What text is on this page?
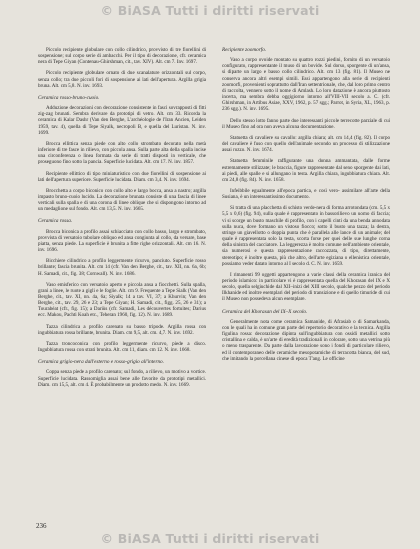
© BiASA Tutti i diritti riservati

Piccolo recipiente globulare con collo cilindrico, provvisto di tre fiorellini di sospensione; sul corpo serie di ambacchi. Per il tipo di decorazione, cfr. ceramica nera di Tepe Giyan (Contenau-Ghirshman, cit., tav. XIV). Alt. cm 7. Inv. 1697.

Piccolo recipiente globulare ornato di due scanalature orizzontali sul corpo, senza collo; tra due piccoli fori di sospensione ai lati dell'apertura. Argilla grigia bruna. Alt. cm 5,8. N. inv. 1693.

Ceramica rosso-bruno-cuoio.

Adduzione decorazioni con decorazione consistente in fasci sovrapposti di fitti zig-zag brunati. Sembra derivare da prototipi di vetro. Alt. cm 33. Ricorda la ceramica di Kalar Dashr (Van den Berghe, L'archéologie de l'Iran Ancien, Leiden 1959, tav. 4), quella di Tepe Siyalk, necropoli B, e quella del Luristan. N. inv. 1699.

Brocca ellittica senza piede con alto collo strombato decorato nella metà inferiore di tre fasce in rilievo, con piccola ansa. Sulla parte alta della spalla incise una circonferenza o linea formata da serie di tratti disposti in verticale, che proseguono fino sotto la pancia. Superficie lucidata. Alt. cm 17. N. inv. 1857.

Recipiente ellittico di tipo miniaturistico con due fiorellini di sospensione ai lati dell'apertura superiore. Superficie lucidata. Diam. cm 3,4. N. inv. 1694.

Brocchetta a corpo biconico con collo alto e largo bocca, ansa a nastro; argilla impasto bruno-cuoio lucido. La decorazione brunata consiste di una fascia di linee verticali sulla spalla e di una corona di linee oblique che si dispongono intorno ad un medaglione sul fondo. Alt. cm 13,5. N. inv. 1665.

Ceramica rossa.

Brocca biconica a profilo assai schiacciato con collo basso, largo e strombato, provvista di versatoio tubolare obliquo ed ansa congiunta al collo, da versare, base piatta, senza piede. La superficie è brunita a fitte righe orizzontali. Alt. cm 16. N. inv. 1696.

Bicchiere cilindrico a profilo leggermente ricurvo, panciuto. Superficie rosso brillante; fascia brunita. Alt. cm 14 (cfr. Van den Berghe, cit., tav. XII, nn. 6a, 6b; H. Samadi, cit., fig. 38; Cornwall). N. inv. 1686.

Vaso emisferico con versatoio aperto e piccola ansa a fiocchetti. Sulla spalla, grani a linee, le ruote a gigli e le foglie. Alt. cm 9. Frequente a Tepe Sialk (Van den Berghe, cit., tav. XI, nn. 4a, 6a; Siyalk; 14 a tav. VI, 37; a Khurvin; Van den Berghe, cit., tav. 29, 26 e 23; a Tepe Giyan; H. Samadi, cit., figg. 25, 26 e 31); a Tourabéat (cfr., fig. 15); a Dariùs (cfr. Samadi, Les découvertes fortuites; Darius ecc. Makou, Pachti Koah etc., Teheran 1960, fig. 12). N. inv. 1689.

Tazza cilindrica a profilo carenato su basso tripode. Argilla rossa con ingubbiatura rossa brillante, brunita. Diam. cm 9,5, alt. cm. 4,7. N. inv. 1692.

Tazza troncoconica con profilo leggermente ricurvo, piede a disco. Ingubbiatura rossa con strati brunita. Alt. cm 11, diam. cm 12. N. inv. 1668.

Ceramica grigio-nera dall'esterno e rosso-grigio all'interno.

Coppa senza piede a profilo carenato; sul fondo, a rilievo, un motivo a vortice. Superficie lucidata. Rassomiglia assai bene alle favorite da prototipi metallici. Diam. cm 15,5, alt. cm 4. È probabilmente un prodotto medo. N. inv. 1669.

Recipiente zoomorfo.

Vaso a corpo ovoide montato su quattro rozzi piedini, fornito di un versatoio configurato, rappresentante il muso di un bovide. Sul dorso, sporgente di un'ansa, si diparte un largo e basso collo cilindrico. Alt. cm 13 (fig. 81). Il Museo ne conserva ancora altri esempi simili. Essi appartengono alla serie di recipienti zoomorfi, provenienti soprattutto dall'Iran settentrionale, che, dal loro primo centro di raccolta, vennero sotto il nome di Amlash. Lo loro datazione è ancora piuttosto incerta, ma sembra debba oggigiorno intorno all'VIII-VII secolo a. C. (cfr. Ghirshman, in Artibus Asiae, XXV, 1962, p. 57 sgg.; Parrot, in Syria, XL, 1963, p. 236 sgg.). N. inv. 1695.

Dello stesso lotto fanno parte due interessanti piccole terrecotte parziale di cui il Museo fino ad ora non aveva alcuna documentazione.

Statuetta di cavaliere su cavallo: argilla chiara; alt. cm 14,4 (fig. 82). Il corpo del cavaliere è fuso con quello dell'animale secondo un processo di stilizzazione assai rozzo. N. inv. 1674.

Statuetta femminile raffigurante una donna ammantata, dalle forme estremamente stilizzate; le braccia, figure rappresentate dal seno sporgente dai lati, ai piedi, alle spalle e si allungano in testa. Argilla chiara, ingubbiatura chiara. Alt. cm 24,8 (fig. 84). N. inv. 1658.

Infeibbile egualmente all'epoca partica, e così vero- assimilare all'arte della Susiana, è un interessantissimo documento.

Si tratta di una placchetta di schisto verde-nera di forma arrotondata (cm. 5,5 x 5,5 x 0,6) (fig. 94), sulla quale è rappresentato in bassorilievo un uomo di faccia; vi si scorge un busto maschile di profilo, con i capelli cinti da una benda annodata sulla nuca, dove formano un vistoso fiocco; sotto il busto una tazza; la destra, stringe un giavellotto o doppia punta che è parallela alle lance di un animale; del quale è rappresentata solo la testa, scorta forse per quei delle sue lunghe corna della sinistra del cacciatore. La leggerezza è molto comune nell'ambiente orientale, sia numerosi e questa rappresentazione raccozzata, di tipo, direttamente, stereotipo; è inoltre questa, più che altro, dell'arte egiziana o ellenistica orientale, possiamo veder datato intorno al I secolo d. C. N. inv. 1659.

I rimanenti 99 oggetti appartengono a varie classi della ceramica iranica del periodo islamico: in particolare vi è rappresentata quella del Khorasan del IX e X secolo, quella selgiuchide dal XII–inizi del XIII secolo, qualche pezzo del periodo Ilkhanide ed inoltre esemplari del periodo di transizione e di quello timuride di cui il Museo non possedeva alcun esemplare.

Ceramica del Khorasan del IX–X secolo.

Generalmente nota come ceramica Samanide, di Afrasiab o di Samarkanda, con le quali ha in comune gran parte del repertorio decorativo e la tecnica. Argilla figulina rossa: decorazione dipinta sull'ingubbiatura con ossidi metallici sotto cristallina e calda, è un'arte di eredità tradizionali in colorare, sotto una vetrina più o meno trasparente. Da parte dalla lavorazione sono i fondi di particolare rilievo, ed il contemporaneo delle ceramiche mesopotamiche di terracotta bianca, del sud, che imitando la porcellana cinese di epoca T'ang. Le officine

236
© BiASA Tutti i diritti riservati
